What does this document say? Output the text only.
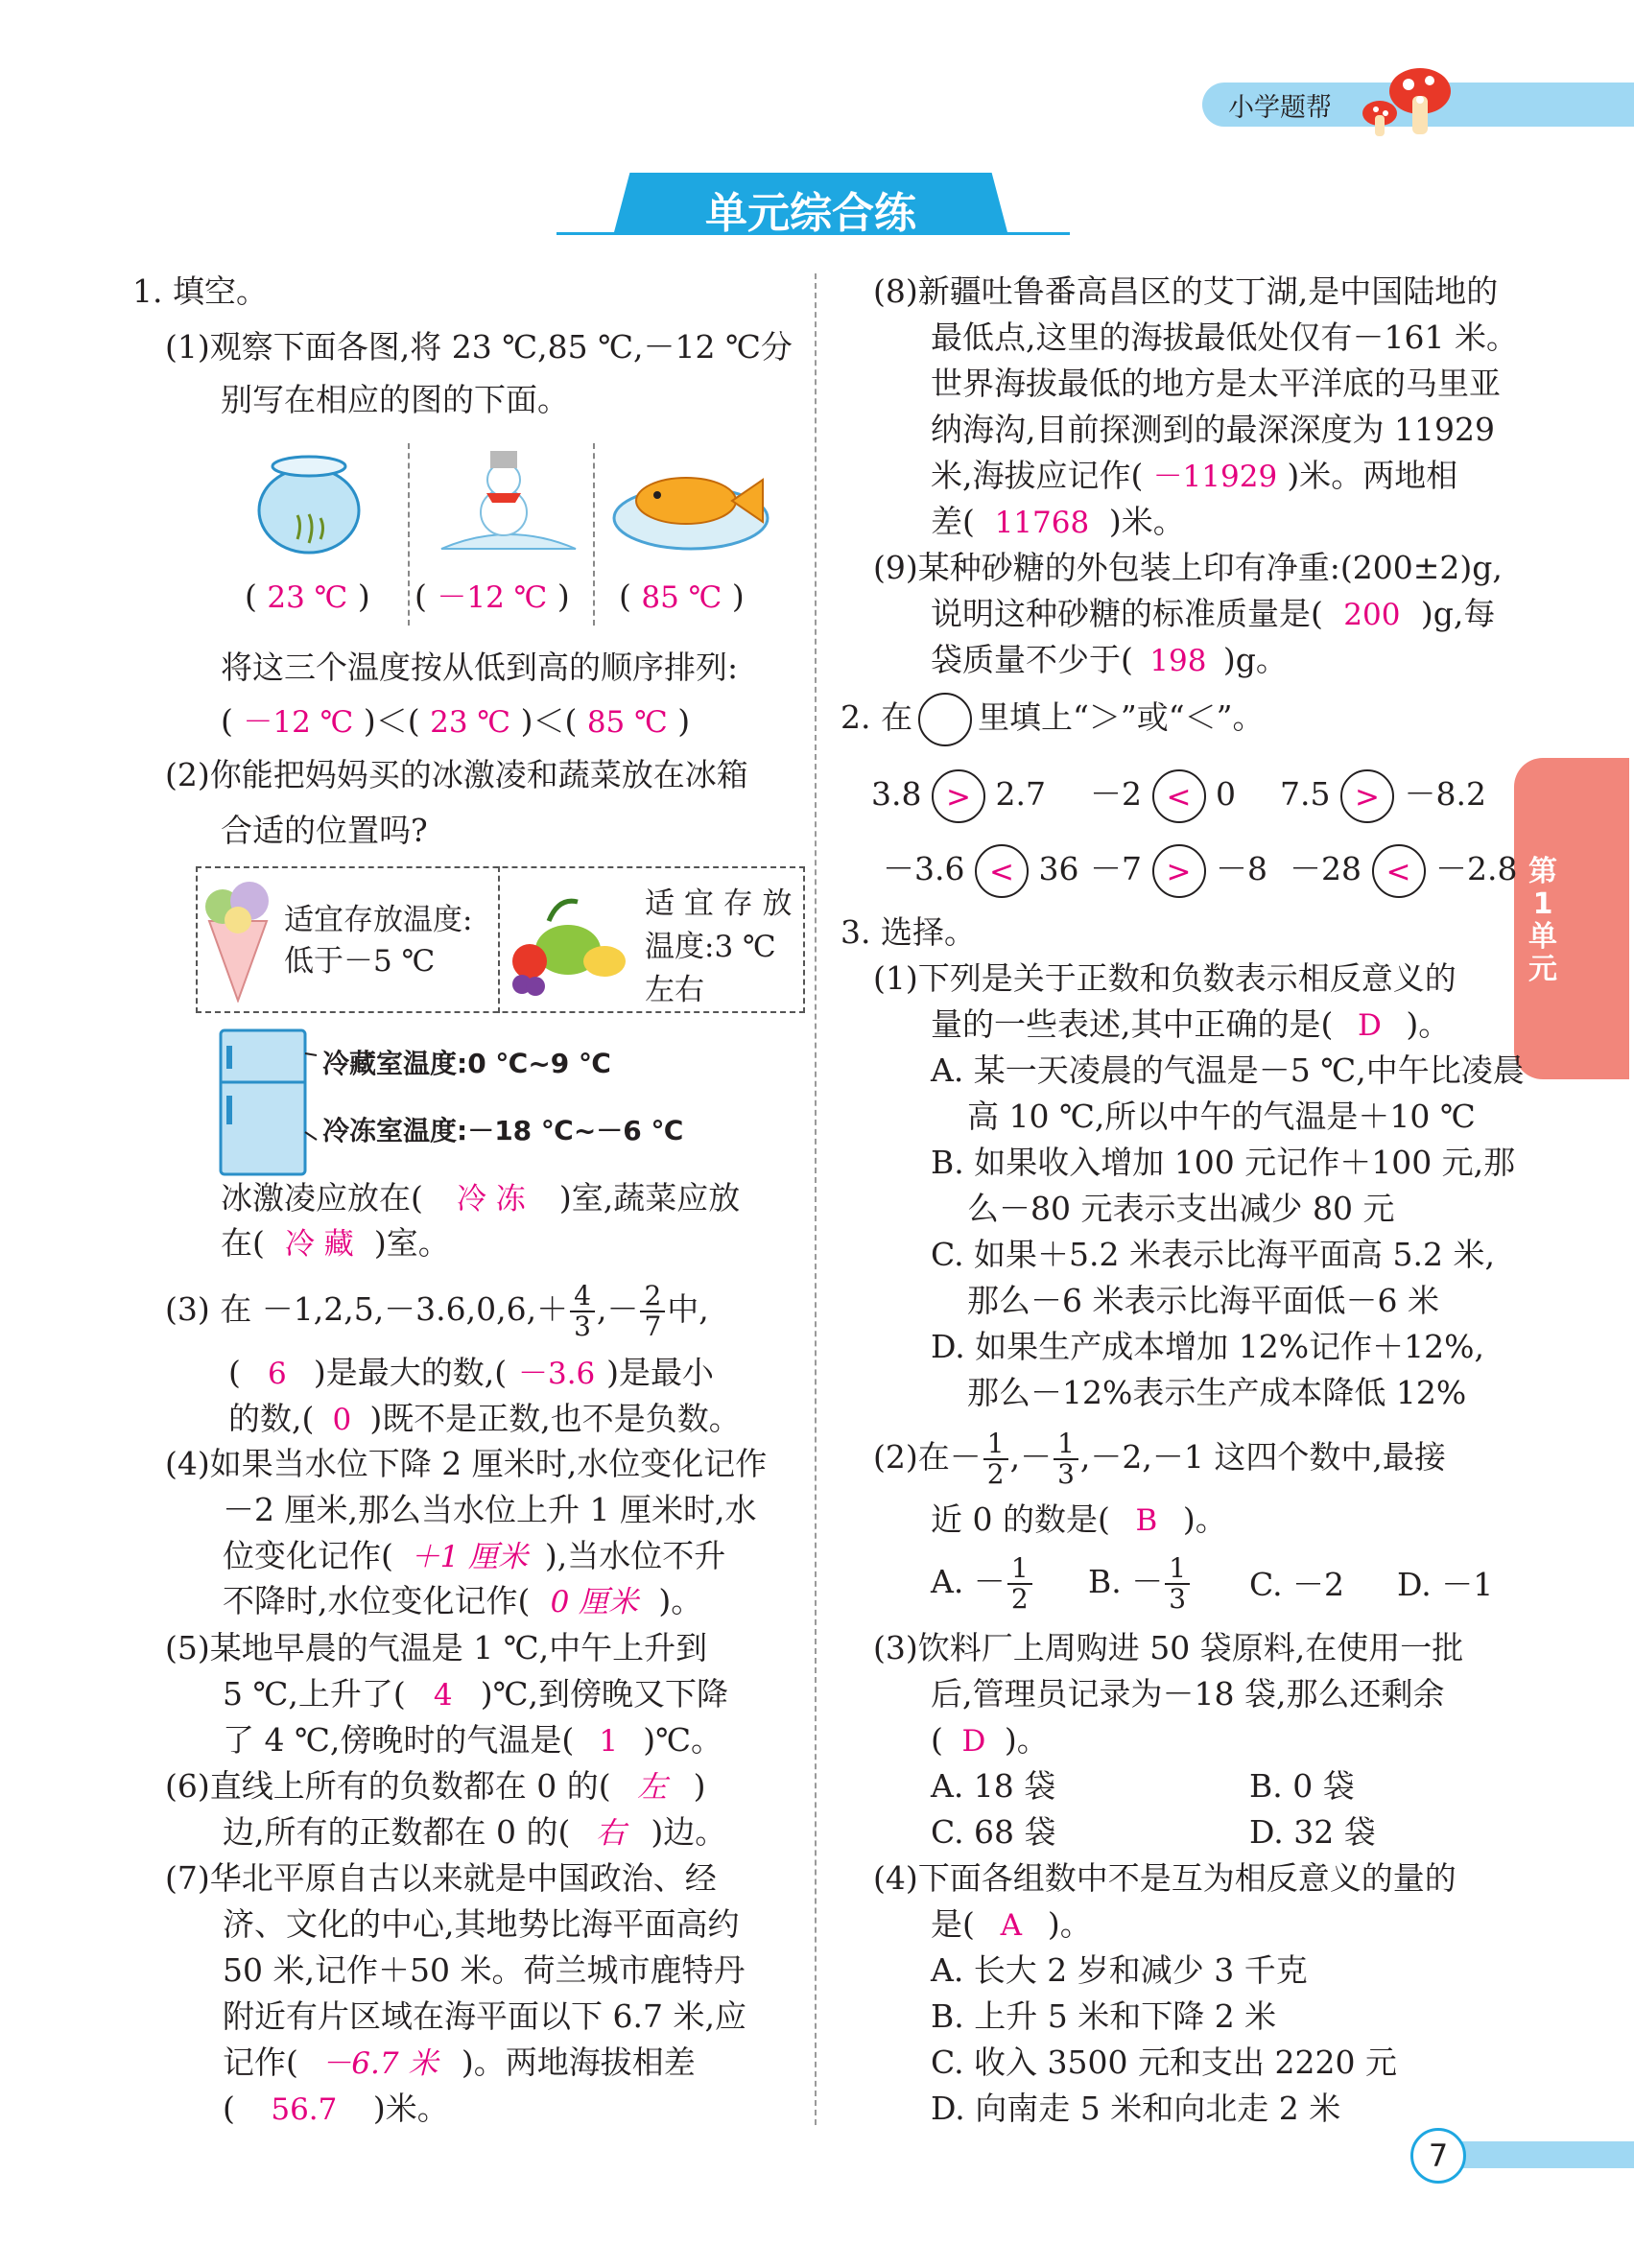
小学题帮
单元综合练
第1单元
1. 填空。
(1)观察下面各图,将 23 ℃,85 ℃,－12 ℃分
别写在相应的图的下面。
( 23 ℃ ) ( －12 ℃ ) ( 85 ℃ )
将这三个温度按从低到高的顺序排列:
( －12 ℃ )＜( 23 ℃ )＜( 85 ℃ )
(2)你能把妈妈买的冰激凌和蔬菜放在冰箱
合适的位置吗?
适宜存放温度:
低于－5 ℃
适 宜 存 放
温度:3 ℃
左右
冷藏室温度:0 ℃~9 ℃
冷冻室温度:－18 ℃~－6 ℃
冰激凌应放在( 冷 冻 )室,蔬菜应放
在( 冷 藏 )室。
(3) 在 $-1,2,5,-3.6,0,6,+ \frac{4}{3}$ ,－ $\frac{2}{7}$ 中,
( 6 )是最大的数,( －3.6 )是最小
的数,( 0 )既不是正数,也不是负数。
(4)如果当水位下降 2 厘米时,水位变化记作
－2 厘米,那么当水位上升 1 厘米时,水
位变化记作( ＋1 厘米 ),当水位不升
不降时,水位变化记作( 0 厘米 )。
(5)某地早晨的气温是 1 ℃,中午上升到
5 ℃,上升了( 4 )℃,到傍晚又下降
了 4 ℃,傍晚时的气温是( 1 )℃。
(6)直线上所有的负数都在 0 的( 左 )
边,所有的正数都在 0 的( 右 )边。
(7)华北平原自古以来就是中国政治、经
济、文化的中心,其地势比海平面高约
50 米,记作＋50 米。荷兰城市鹿特丹
附近有片区域在海平面以下 6.7 米,应
记作( －6.7 米 )。两地海拔相差
( 56.7 )米。
(8)新疆吐鲁番高昌区的艾丁湖,是中国陆地的
最低点,这里的海拔最低处仅有－161 米。
世界海拔最低的地方是太平洋底的马里亚
纳海沟,目前探测到的最深深度为 11929
米,海拔应记作( －11929 )米。两地相
差( 11768 )米。
(9)某种砂糖的外包装上印有净重:(200±2)g,
说明这种砂糖的标准质量是( 200 )g,每
袋质量不少于( 198 )g。
2. 在 里填上“＞”或“＜”。
3.8 > 2.7 －2 < 0 7.5 > －8.2
－3.6 < 36 －7 > －8 －28 < －2.8
3. 选择。
(1)下列是关于正数和负数表示相反意义的
量的一些表述,其中正确的是( D )。
A. 某一天凌晨的气温是－5 ℃,中午比凌晨
高 10 ℃,所以中午的气温是＋10 ℃
B. 如果收入增加 100 元记作＋100 元,那
么－80 元表示支出减少 80 元
C. 如果＋5.2 米表示比海平面高 5.2 米,
那么－6 米表示比海平面低－6 米
D. 如果生产成本增加 12%记作＋12%,
那么－12%表示生产成本降低 12%
(2)在－ $\frac{1}{2}$ ,－ $\frac{1}{3} ,-2,-1$ 这四个数中,最接
近 0 的数是( B )。
A. － $\frac{1}{2} B$. － $\frac{1}{3} C$. －2 D. －1
(3)饮料厂上周购进 50 袋原料,在使用一批
后,管理员记录为－18 袋,那么还剩余
( D )。
A. 18 袋	B. 0 袋
C. 68 袋	D. 32 袋
(4)下面各组数中不是互为相反意义的量的
是( A )。
A. 长大 2 岁和减少 3 千克
B. 上升 5 米和下降 2 米
C. 收入 3500 元和支出 2220 元
D. 向南走 5 米和向北走 2 米
7
